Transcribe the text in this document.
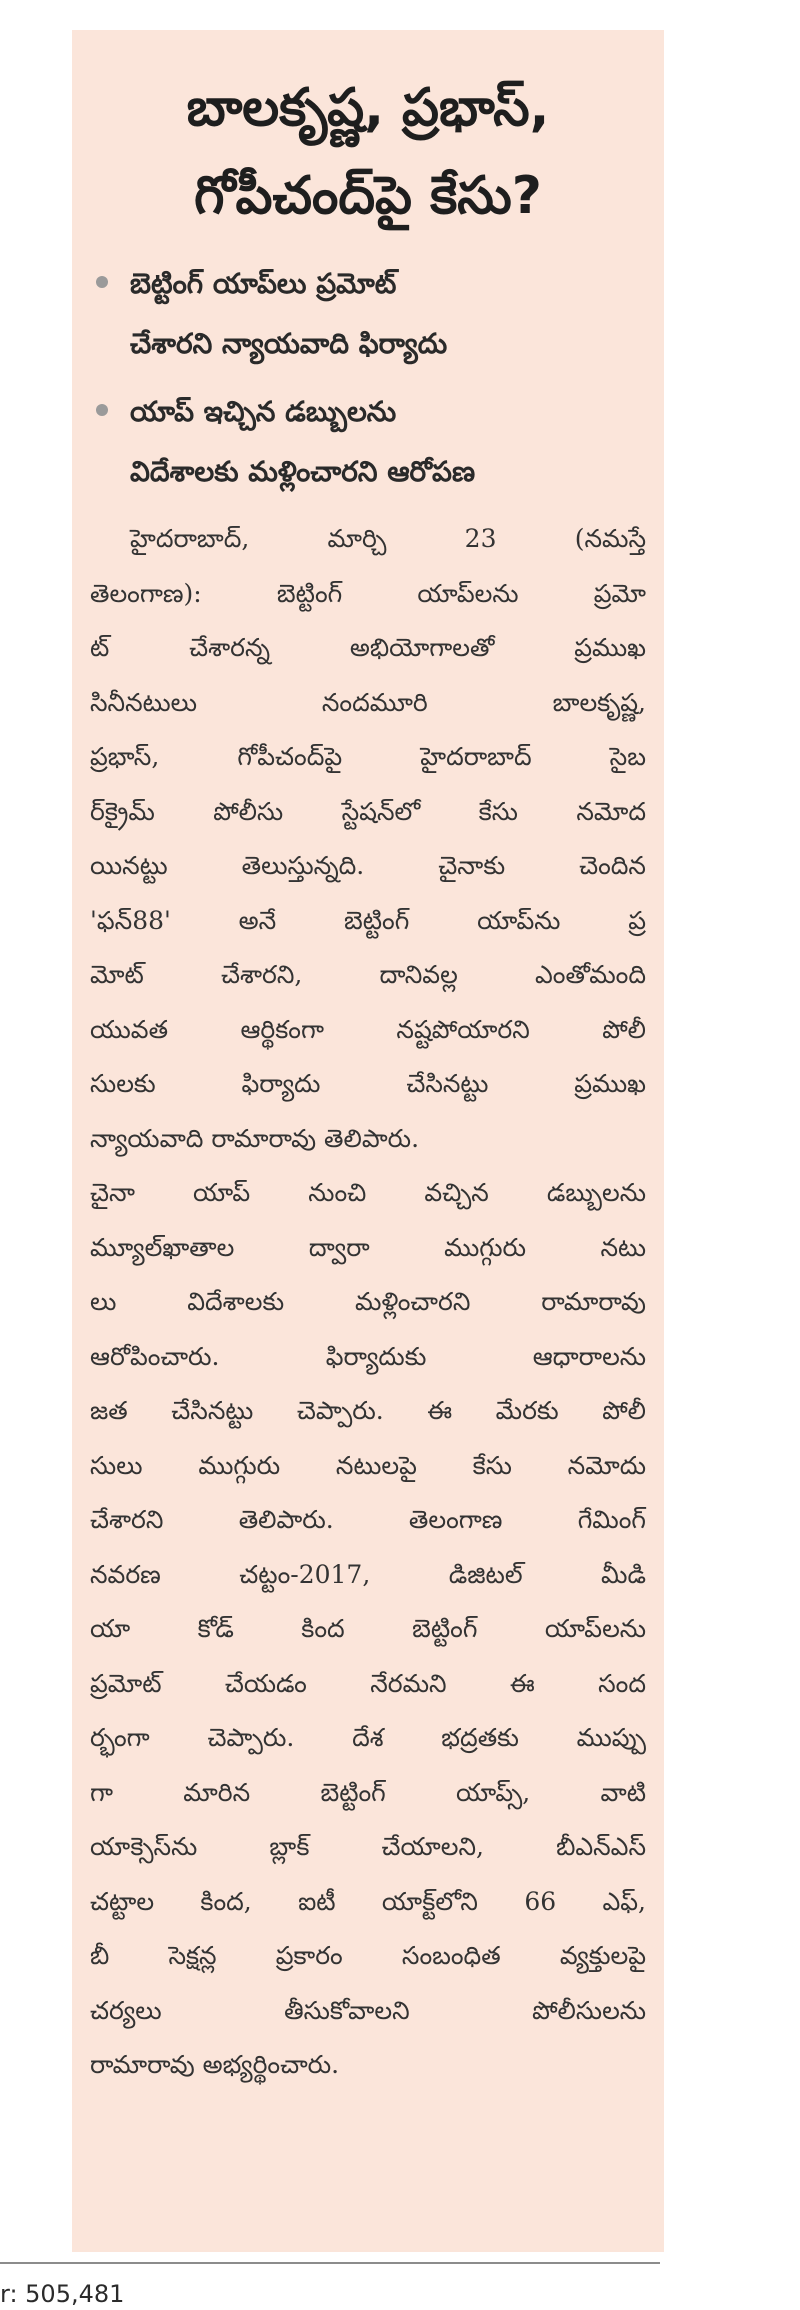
బాలకృష్ణ, ప్రభాస్,
గోపీచంద్‌పై కేసు?
బెట్టింగ్ యాప్‌లు ప్రమోట్
చేశారని న్యాయవాది ఫిర్యాదు
యాప్ ఇచ్చిన డబ్బులను
విదేశాలకు మళ్లించారని ఆరోపణ
హైదరాబాద్, మార్చి 23 (నమస్తే
తెలంగాణ): బెట్టింగ్ యాప్‌లను ప్రమో
ట్ చేశారన్న అభియోగాలతో ప్రముఖ
సినీనటులు నందమూరి బాలకృష్ణ,
ప్రభాస్, గోపీచంద్‌పై హైదరాబాద్ సైబ
ర్‌క్రైమ్ పోలీసు స్టేషన్‌లో కేసు నమోద
యినట్టు తెలుస్తున్నది. చైనాకు చెందిన
'ఫన్88' అనే బెట్టింగ్ యాప్‌ను ప్ర
మోట్ చేశారని, దానివల్ల ఎంతోమంది
యువత ఆర్థికంగా నష్టపోయారని పోలీ
సులకు ఫిర్యాదు చేసినట్టు ప్రముఖ
న్యాయవాది రామారావు తెలిపారు.
చైనా యాప్ నుంచి వచ్చిన డబ్బులను
మ్యూల్‌ఖాతాల ద్వారా ముగ్గురు నటు
లు విదేశాలకు మళ్లించారని రామారావు
ఆరోపించారు. ఫిర్యాదుకు ఆధారాలను
జత చేసినట్టు చెప్పారు. ఈ మేరకు పోలీ
సులు ముగ్గురు నటులపై కేసు నమోదు
చేశారని తెలిపారు. తెలంగాణ గేమింగ్
నవరణ చట్టం-2017, డిజిటల్ మీడి
యా కోడ్ కింద బెట్టింగ్ యాప్‌లను
ప్రమోట్ చేయడం నేరమని ఈ సంద
ర్భంగా చెప్పారు. దేశ భద్రతకు ముప్పు
గా మారిన బెట్టింగ్ యాప్స్, వాటి
యాక్సెస్‌ను బ్లాక్ చేయాలని, బీఎన్ఎస్
చట్టాల కింద, ఐటీ యాక్ట్‌లోని 66 ఎఫ్,
బీ సెక్షన్ల ప్రకారం సంబంధిత వ్యక్తులపై
చర్యలు తీసుకోవాలని పోలీసులను
రామారావు అభ్యర్థించారు.
r: 505,481
